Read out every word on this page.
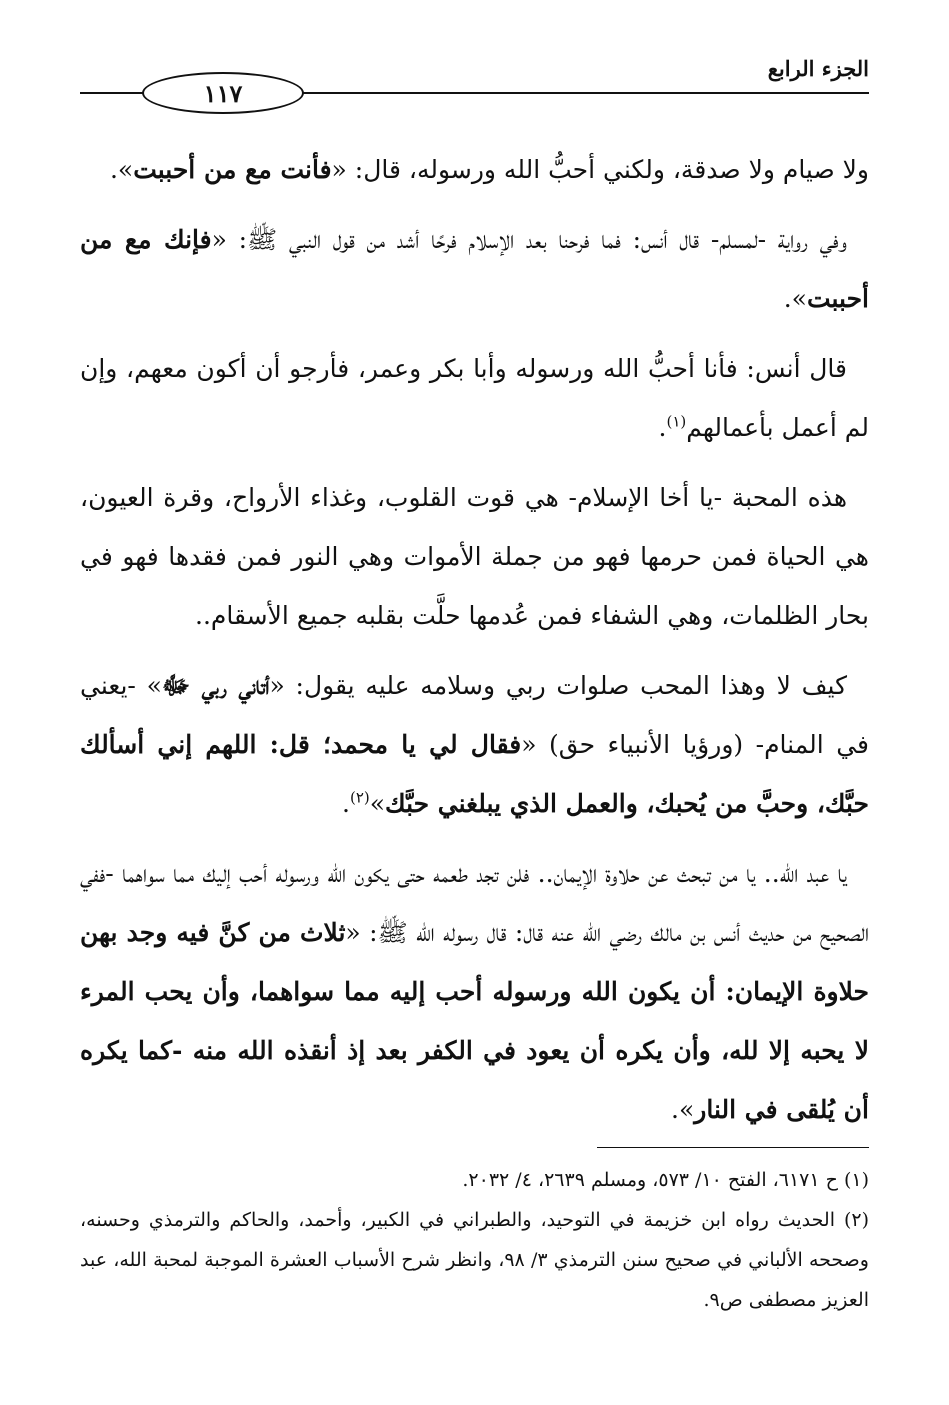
الجزء الرابع
١١٧

ولا صيام ولا صدقة، ولكني أحبُّ الله ورسوله، قال: «فأنت مع من أحببت».

وفي رواية -لمسلم- قال أنس: فما فرحنا بعد الإسلام فرحًا أشد من قول النبي ﷺ: «فإنك مع من أحببت».

قال أنس: فأنا أحبُّ الله ورسوله وأبا بكر وعمر، فأرجو أن أكون معهم، وإن لم أعمل بأعمالهم$^{(١)}$.

هذه المحبة -يا أخا الإسلام- هي قوت القلوب، وغذاء الأرواح، وقرة العيون، هي الحياة فمن حرمها فهو من جملة الأموات وهي النور فمن فقدها فهو في بحار الظلمات، وهي الشفاء فمن عُدمها حلَّت بقلبه جميع الأسقام..

كيف لا وهذا المحب صلوات ربي وسلامه عليه يقول: «أتاني ربي ﷻ» -يعني في المنام- (ورؤيا الأنبياء حق) «فقال لي يا محمد؛ قل: اللهم إني أسألك حبَّك، وحبَّ من يُحبك، والعمل الذي يبلغني حبَّك»$^{(٢)}$.

يا عبد الله.. يا من تبحث عن حلاوة الإيمان.. فلن تجد طعمه حتى يكون الله ورسوله أحب إليك مما سواهما -ففي الصحيح من حديث أنس بن مالك رضي الله عنه قال: قال رسوله الله ﷺ: «ثلاث من كنَّ فيه وجد بهن حلاوة الإيمان: أن يكون الله ورسوله أحب إليه مما سواهما، وأن يحب المرء لا يحبه إلا لله، وأن يكره أن يعود في الكفر بعد إذ أنقذه الله منه -كما يكره أن يُلقى في النار».

(١) ح ٦١٧١، الفتح ١٠/ ٥٧٣، ومسلم ٢٦٣٩، ٤/ ٢٠٣٢.

(٢) الحديث رواه ابن خزيمة في التوحيد، والطبراني في الكبير، وأحمد، والحاكم والترمذي وحسنه، وصححه الألباني في صحيح سنن الترمذي ٣/ ٩٨، وانظر شرح الأسباب العشرة الموجبة لمحبة الله، عبد العزيز مصطفى ص٩.
